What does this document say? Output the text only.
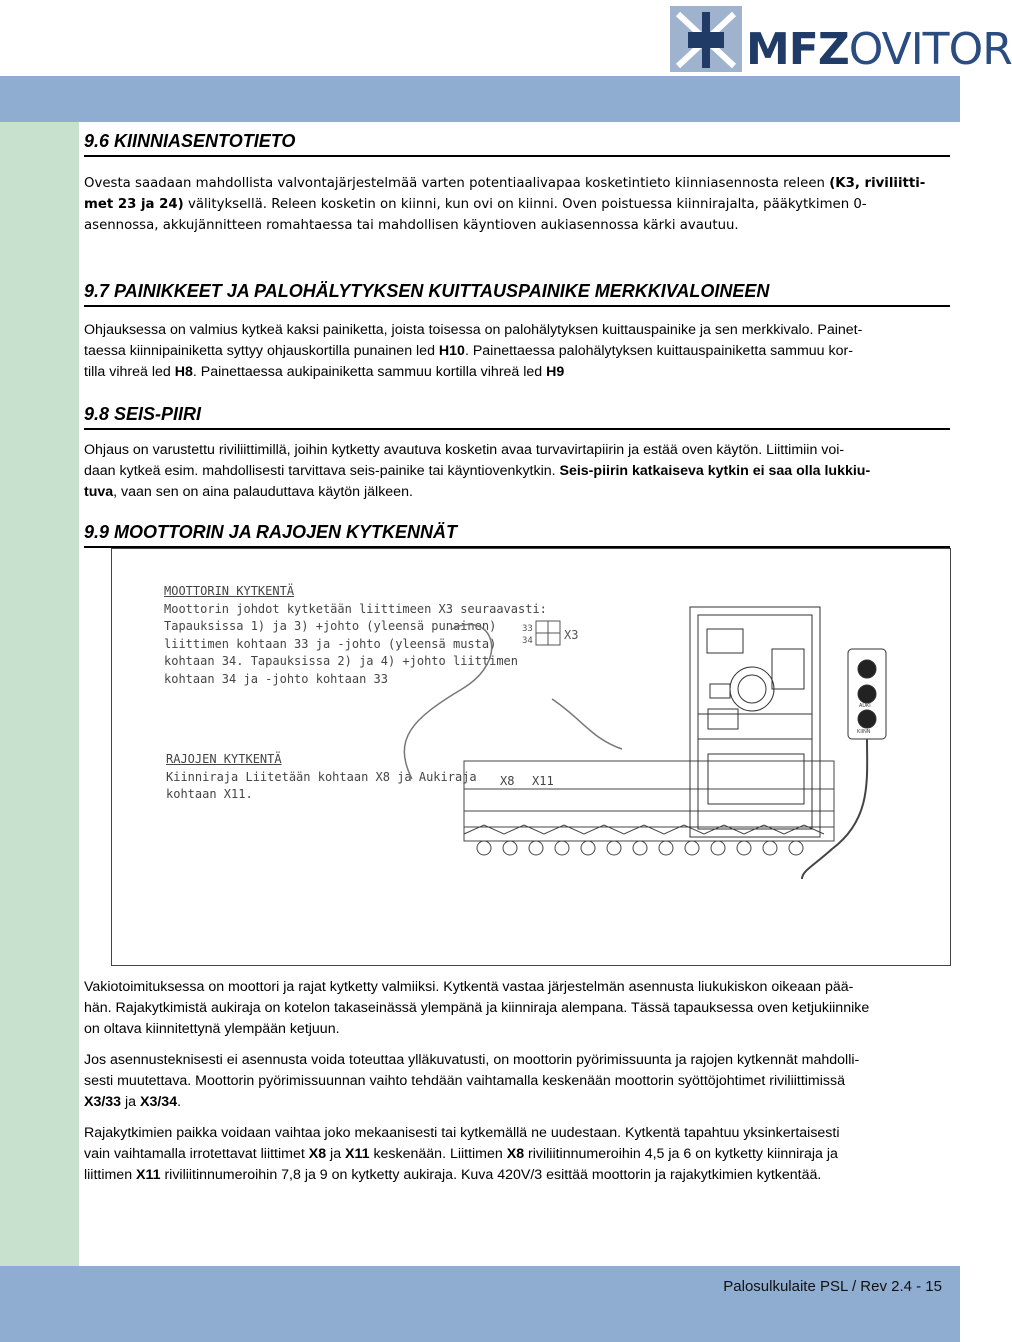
MFZOVITOR
9.6 KIINNIASENTOTIETO

Ovesta saadaan mahdollista valvontajärjestelmää varten potentiaalivapaa kosketintieto kiinniasennosta releen (K3, riviliitti-
met 23 ja 24) välityksellä. Releen kosketin on kiinni, kun ovi on kiinni. Oven poistuessa kiinnirajalta, pääkytkimen 0-
asennossa, akkujännitteen romahtaessa tai mahdollisen käyntioven aukiasennossa kärki avautuu.

9.7 PAINIKKEET JA PALOHÄLYTYKSEN KUITTAUSPAINIKE MERKKIVALOINEEN

Ohjauksessa on valmius kytkeä kaksi painiketta, joista toisessa on palohälytyksen kuittauspainike ja sen merkkivalo. Painet-
taessa kiinnipainiketta syttyy ohjauskortilla punainen led H10. Painettaessa palohälytyksen kuittauspainiketta sammuu kor-
tilla vihreä led H8. Painettaessa aukipainiketta sammuu kortilla vihreä led H9

9.8 SEIS-PIIRI

Ohjaus on varustettu riviliittimillä, joihin kytketty avautuva kosketin avaa turvavirtapiirin ja estää oven käytön. Liittimiin voi-
daan kytkeä esim. mahdollisesti tarvittava seis-painike tai käyntiovenkytkin. Seis-piirin katkaiseva kytkin ei saa olla lukkiu-
tuva, vaan sen on aina palauduttava käytön jälkeen.

9.9 MOOTTORIN JA RAJOJEN KYTKENNÄT
MOOTTORIN KYTKENTÄ
Moottorin johdot kytketään liittimeen X3 seuraavasti:
Tapauksissa 1) ja 3) +johto (yleensä punainen)
liittimen kohtaan 33 ja -johto (yleensä musta)
kohtaan 34. Tapauksissa 2) ja 4) +johto liittimen
kohtaan 34 ja -johto kohtaan 33
RAJOJEN KYTKENTÄ
Kiinniraja Liitetään kohtaan X8 ja Aukiraja
kohtaan X11.
33
34	X3
X8 X11
AUKI
KIINN

Vakiotoimituksessa on moottori ja rajat kytketty valmiiksi. Kytkentä vastaa järjestelmän asennusta liukukiskon oikeaan pää-
hän. Rajakytkimistä aukiraja on kotelon takaseinässä ylempänä ja kiinniraja alempana. Tässä tapauksessa oven ketjukiinnike
on oltava kiinnitettynä ylempään ketjuun.

Jos asennusteknisesti ei asennusta voida toteuttaa ylläkuvatusti, on moottorin pyörimissuunta ja rajojen kytkennät mahdolli-
sesti muutettava. Moottorin pyörimissuunnan vaihto tehdään vaihtamalla keskenään moottorin syöttöjohtimet riviliittimissä
X3/33 ja X3/34.

Rajakytkimien paikka voidaan vaihtaa joko mekaanisesti tai kytkemällä ne uudestaan. Kytkentä tapahtuu yksinkertaisesti
vain vaihtamalla irrotettavat liittimet X8 ja X11 keskenään. Liittimen X8 riviliitinnumeroihin 4,5 ja 6 on kytketty kiinniraja ja
liittimen X11 riviliitinnumeroihin 7,8 ja 9 on kytketty aukiraja. Kuva 420V/3 esittää moottorin ja rajakytkimien kytkentää.

Palosulkulaite PSL / Rev 2.4 - 15
